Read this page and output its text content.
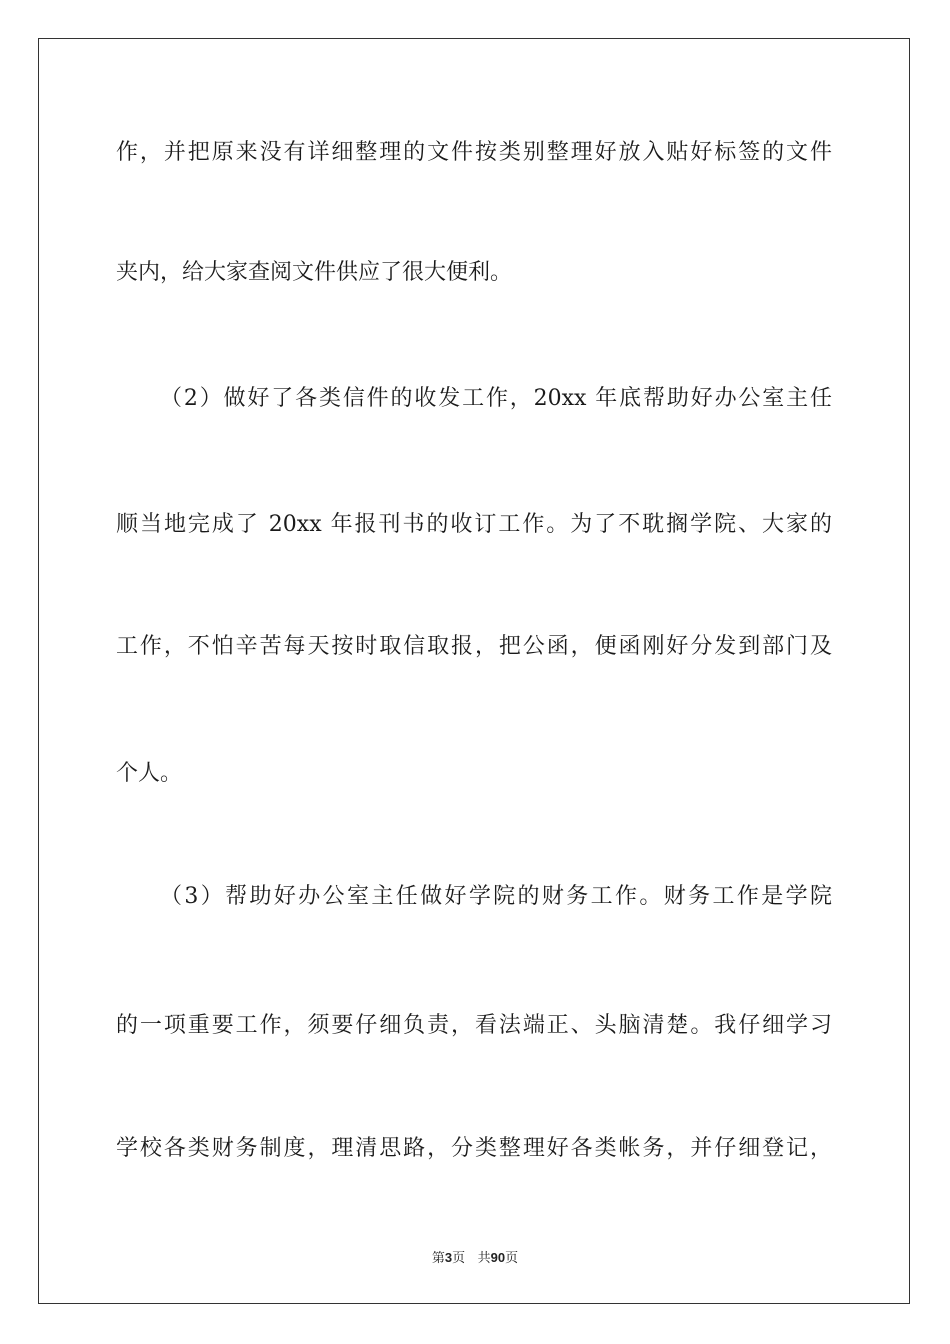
作，并把原来没有详细整理的文件按类别整理好放入贴好标签的文件
夹内，给大家查阅文件供应了很大便利。
（2）做好了各类信件的收发工作，20xx 年底帮助好办公室主任
顺当地完成了 20xx 年报刊书的收订工作。为了不耽搁学院、大家的
工作，不怕辛苦每天按时取信取报，把公函，便函刚好分发到部门及
个人。
（3）帮助好办公室主任做好学院的财务工作。财务工作是学院
的一项重要工作，须要仔细负责，看法端正、头脑清楚。我仔细学习
学校各类财务制度，理清思路，分类整理好各类帐务，并仔细登记，
第3页 共90页
